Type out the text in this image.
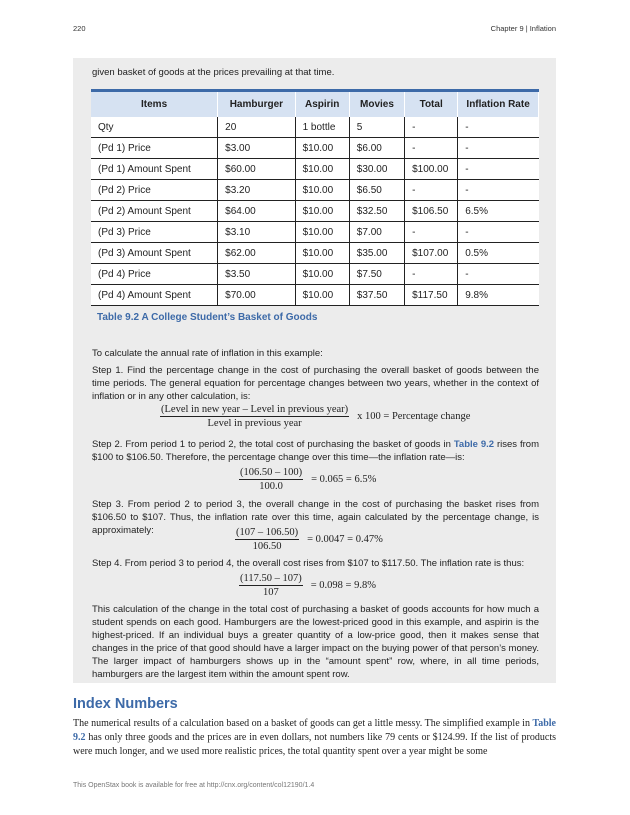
220	Chapter 9 | Inflation
given basket of goods at the prices prevailing at that time.
Items	Hamburger	Aspirin	Movies	Total	Inflation Rate
Qty	20	1 bottle	5	-	-
(Pd 1) Price	$3.00	$10.00	$6.00	-	-
(Pd 1) Amount Spent	$60.00	$10.00	$30.00	$100.00	-
(Pd 2) Price	$3.20	$10.00	$6.50	-	-
(Pd 2) Amount Spent	$64.00	$10.00	$32.50	$106.50	6.5%
(Pd 3) Price	$3.10	$10.00	$7.00	-	-
(Pd 3) Amount Spent	$62.00	$10.00	$35.00	$107.00	0.5%
(Pd 4) Price	$3.50	$10.00	$7.50	-	-
(Pd 4) Amount Spent	$70.00	$10.00	$37.50	$117.50	9.8%
Table 9.2 A College Student’s Basket of Goods
To calculate the annual rate of inflation in this example:
Step 1. Find the percentage change in the cost of purchasing the overall basket of goods between the time periods. The general equation for percentage changes between two years, whether in the context of inflation or in any other calculation, is:
$\frac{\text{(Level in new year – Level in previous year)}}{\text{Level in previous year}}$ x 100 = Percentage change
Step 2. From period 1 to period 2, the total cost of purchasing the basket of goods in Table 9.2 rises from $100 to $106.50. Therefore, the percentage change over this time—the inflation rate—is:
$\frac{(106.50 - 100)}{100.0} = 0.065 = 6.5\%$
Step 3. From period 2 to period 3, the overall change in the cost of purchasing the basket rises from $106.50 to $107. Thus, the inflation rate over this time, again calculated by the percentage change, is approximately:	$\frac{(107 - 106.50)}{106.50} = 0.0047 = 0.47\%$
Step 4. From period 3 to period 4, the overall cost rises from $107 to $117.50. The inflation rate is thus:
$\frac{(117.50 - 107)}{107} = 0.098 = 9.8\%$
This calculation of the change in the total cost of purchasing a basket of goods accounts for how much a student spends on each good. Hamburgers are the lowest-priced good in this example, and aspirin is the highest-priced. If an individual buys a greater quantity of a low-price good, then it makes sense that changes in the price of that good should have a larger impact on the buying power of that person’s money. The larger impact of hamburgers shows up in the “amount spent” row, where, in all time periods, hamburgers are the largest item within the amount spent row.
Index Numbers
The numerical results of a calculation based on a basket of goods can get a little messy. The simplified example in Table 9.2 has only three goods and the prices are in even dollars, not numbers like 79 cents or $124.99. If the list of products were much longer, and we used more realistic prices, the total quantity spent over a year might be some
This OpenStax book is available for free at http://cnx.org/content/col12190/1.4
